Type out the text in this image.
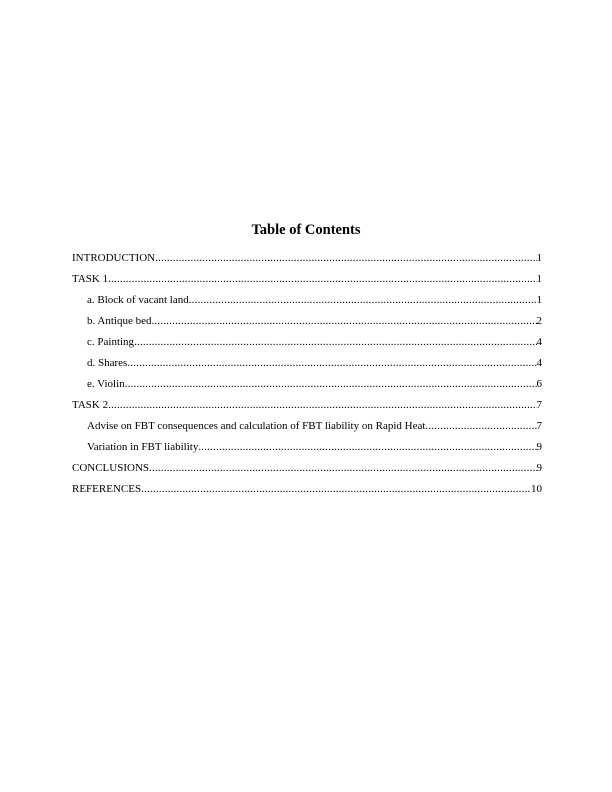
Table of Contents
INTRODUCTION .....	1
TASK 1 .....	1
a. Block of vacant land .....	1
b. Antique bed .....	2
c. Painting .....	4
d. Shares .....	4
e. Violin .....	6
TASK 2 .....	7
Advise on FBT consequences and calculation of FBT liability on Rapid Heat .....	7
Variation in FBT liability .....	9
CONCLUSIONS .....	9
REFERENCES .....	10
